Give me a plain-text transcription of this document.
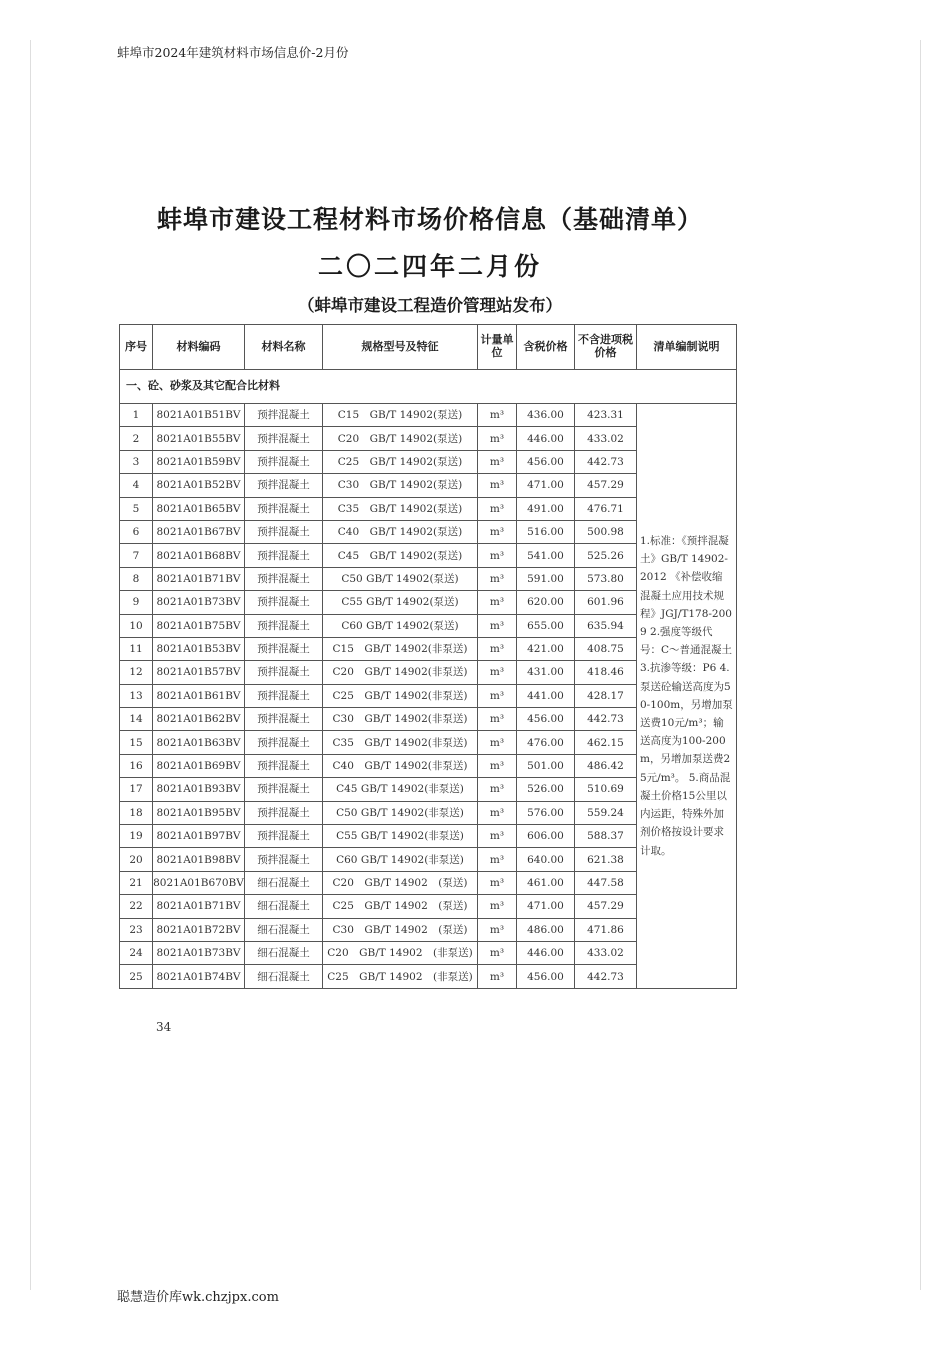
蚌埠市2024年建筑材料市场信息价-2月份
蚌埠市建设工程材料市场价格信息（基础清单）
二〇二四年二月份
（蚌埠市建设工程造价管理站发布）
序号	材料编码	材料名称	规格型号及特征	计量单位	含税价格	不含进项税价格	清单编制说明
一、砼、砂浆及其它配合比材料							
1	8021A01B51BV	预拌混凝土	C15　GB/T 14902(泵送)	m³	436.00	423.31	1.标准：《预拌混凝土》GB/T 14902-2012 《补偿收缩混凝土应用技术规程》JGJ/T178-2009 2.强度等级代号：C～普通混凝土 3.抗渗等级：P6 4.泵送砼输送高度为50-100m，另增加泵送费10元/m³；输送高度为100-200m，另增加泵送费25元/m³。 5.商品混凝土价格15公里以内运距，特殊外加剂价格按设计要求计取。
2	8021A01B55BV	预拌混凝土	C20　GB/T 14902(泵送)	m³	446.00	433.02	
3	8021A01B59BV	预拌混凝土	C25　GB/T 14902(泵送)	m³	456.00	442.73	
4	8021A01B52BV	预拌混凝土	C30　GB/T 14902(泵送)	m³	471.00	457.29	
5	8021A01B65BV	预拌混凝土	C35　GB/T 14902(泵送)	m³	491.00	476.71	
6	8021A01B67BV	预拌混凝土	C40　GB/T 14902(泵送)	m³	516.00	500.98	
7	8021A01B68BV	预拌混凝土	C45　GB/T 14902(泵送)	m³	541.00	525.26	
8	8021A01B71BV	预拌混凝土	C50 GB/T 14902(泵送)	m³	591.00	573.80	
9	8021A01B73BV	预拌混凝土	C55 GB/T 14902(泵送)	m³	620.00	601.96	
10	8021A01B75BV	预拌混凝土	C60 GB/T 14902(泵送)	m³	655.00	635.94	
11	8021A01B53BV	预拌混凝土	C15　GB/T 14902(非泵送)	m³	421.00	408.75	
12	8021A01B57BV	预拌混凝土	C20　GB/T 14902(非泵送)	m³	431.00	418.46	
13	8021A01B61BV	预拌混凝土	C25　GB/T 14902(非泵送)	m³	441.00	428.17	
14	8021A01B62BV	预拌混凝土	C30　GB/T 14902(非泵送)	m³	456.00	442.73	
15	8021A01B63BV	预拌混凝土	C35　GB/T 14902(非泵送)	m³	476.00	462.15	
16	8021A01B69BV	预拌混凝土	C40　GB/T 14902(非泵送)	m³	501.00	486.42	
17	8021A01B93BV	预拌混凝土	C45 GB/T 14902(非泵送)	m³	526.00	510.69	
18	8021A01B95BV	预拌混凝土	C50 GB/T 14902(非泵送)	m³	576.00	559.24	
19	8021A01B97BV	预拌混凝土	C55 GB/T 14902(非泵送)	m³	606.00	588.37	
20	8021A01B98BV	预拌混凝土	C60 GB/T 14902(非泵送)	m³	640.00	621.38	
21	8021A01B670BV	细石混凝土	C20　GB/T 14902　(泵送)	m³	461.00	447.58	
22	8021A01B71BV	细石混凝土	C25　GB/T 14902　(泵送)	m³	471.00	457.29	
23	8021A01B72BV	细石混凝土	C30　GB/T 14902　(泵送)	m³	486.00	471.86	
24	8021A01B73BV	细石混凝土	C20　GB/T 14902　(非泵送)	m³	446.00	433.02	
25	8021A01B74BV	细石混凝土	C25　GB/T 14902　(非泵送)	m³	456.00	442.73	
34
聪慧造价库wk.chzjpx.com
